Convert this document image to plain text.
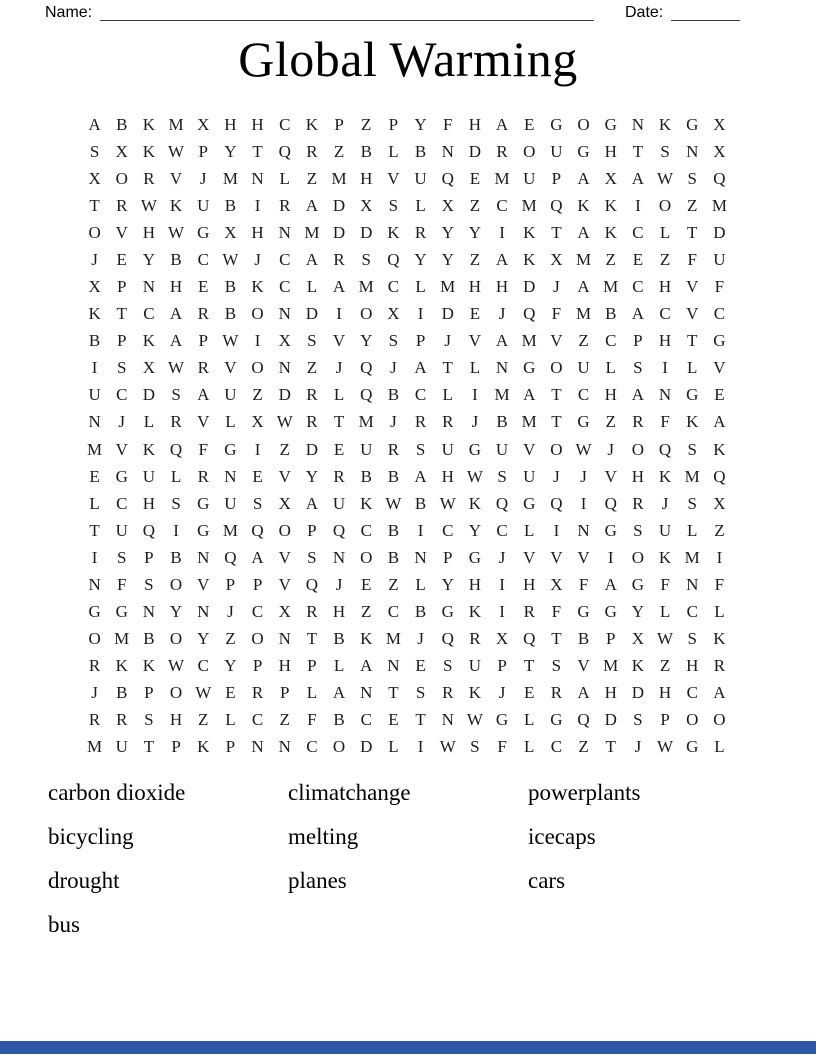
Name:	Date:
Global Warming
A B K M X H H C K P	Z	P Y F H A E G O G N K G X
S X K W P Y T Q R Z B L B N D R O U G H T	S N X
X O R V	J M N L Z M H V U Q E M U P A X A W S Q
T R W K U B	I	R A D X S	L X Z C M Q K K	I	O Z M
O V H W G X H N M D D K R Y Y	I	K T A K C L T D
J	E Y B C W J	C A R S Q Y Y Z A K X M Z E Z	F U
X P N H E B K C L A M C L M H H D	J	A M C H V F
K T C A R B O N D	I	O X	I	D E	J	Q F M B A C V C
B P K A P W I	X S V Y S	P	J	V A M V Z C P H T G
I	S X W R V O N Z	J	Q	J	A T L N G O U L	S	I	L V
U C D S A U Z D R L Q B C L	I M A T C H A N G E
N	J	L R V L X W R T M J	R R	J	B M T G Z R F K A
M V K Q F G	I	Z D E U R S U G U V O W J	O Q S K
E G U L R N E V Y R B B A H W S U	J	J	V H K M Q
L C H S G U S X A U K W B W K Q G Q	I	Q R	J	S X
T U Q	I	G M Q O P Q C B	I	C Y C L	I	N G S U L Z
I	S	P B N Q A V S N O B N P G	J	V V V	I	O K M I
N F	S O V P	P V Q	J	E Z L Y H	I	H X F A G F N F
G G N Y N	J	C X R H Z C B G K	I	R F G G Y L C L
O M B O Y Z O N T B K M J	Q R X Q T B P X W S K
R K K W C Y P H P	L A N E	S U P	T	S V M K Z H R
J	B P O W E R P	L A N T	S R K	J	E R A H D H C A
R R S H Z L C Z	F B C E T N W G L G Q D S	P O O
M U T	P K P N N C O D L	I W S	F	L C Z T	J W G L
carbon dioxide
bicycling
drought
bus
climatchange
melting
planes
powerplants
icecaps
cars
